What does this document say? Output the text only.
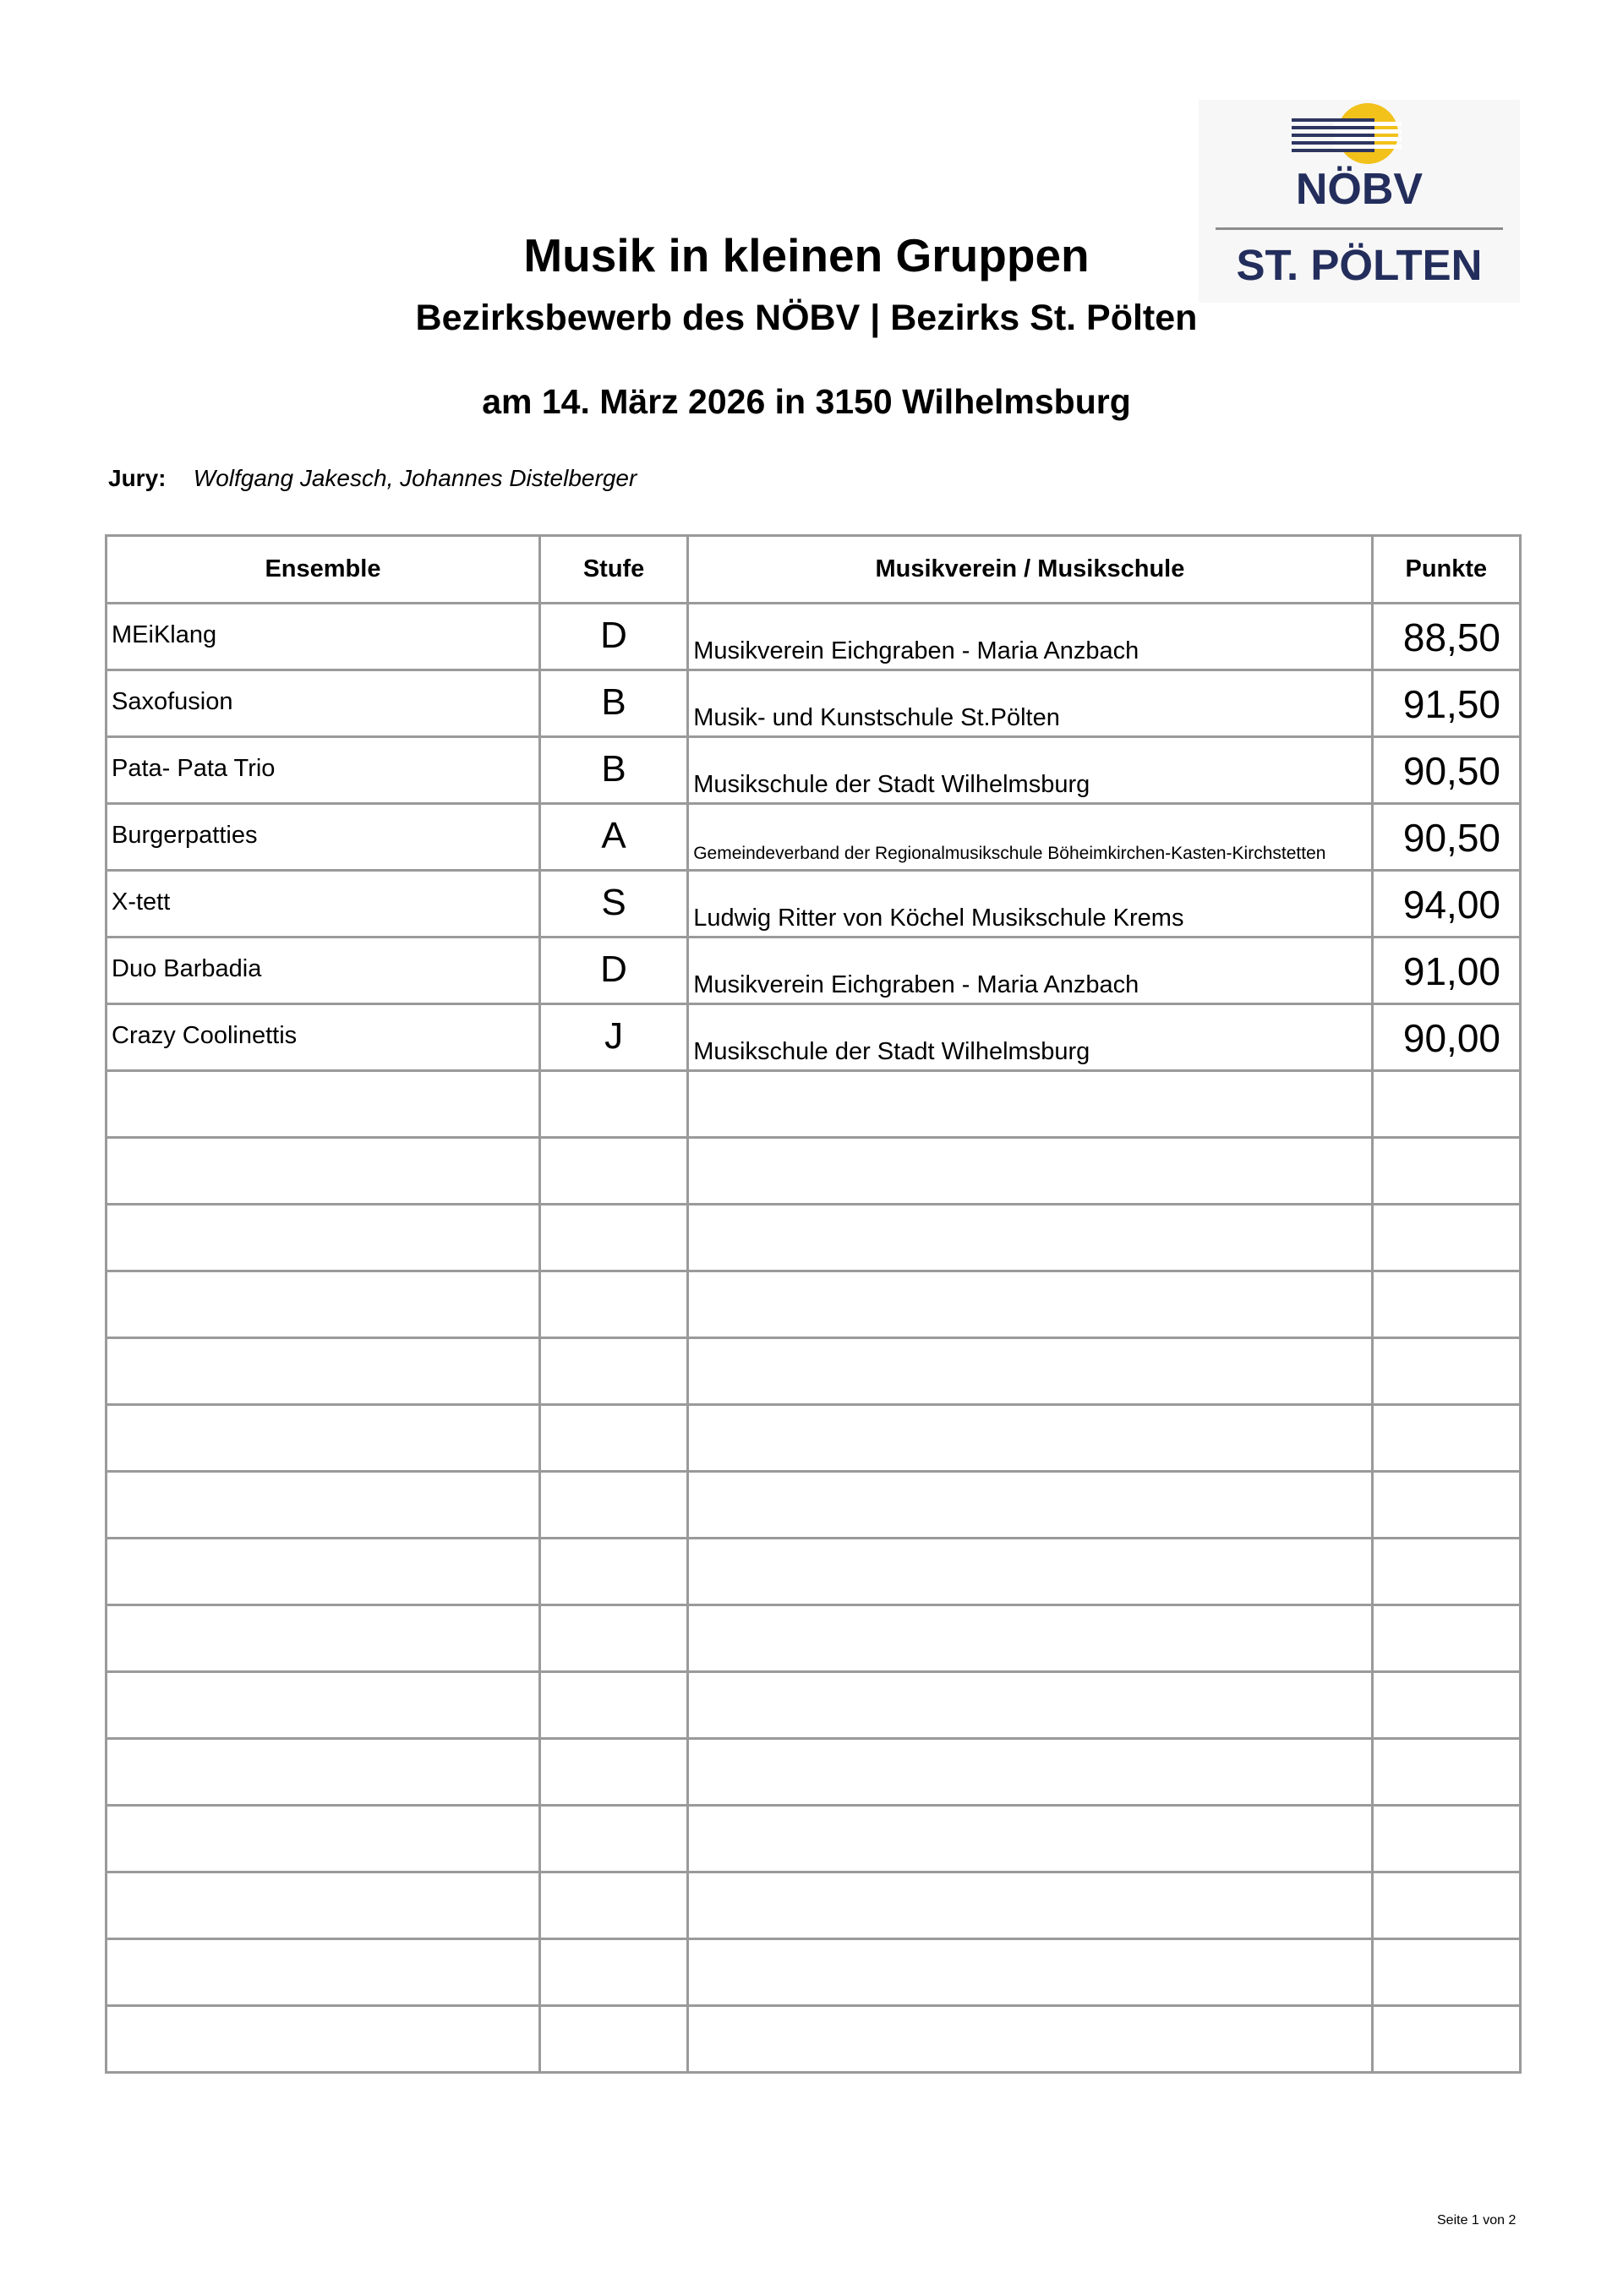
NÖBV
ST. PÖLTEN
Musik in kleinen Gruppen
Bezirksbewerb des NÖBV | Bezirks St. Pölten
am 14. März 2026 in 3150 Wilhelmsburg
Jury: Wolfgang Jakesch, Johannes Distelberger
Ensemble	Stufe	Musikverein / Musikschule	Punkte

MEiKlang	D	Musikverein Eichgraben - Maria Anzbach	88,50

Saxofusion	B	Musik- und Kunstschule St.Pölten	91,50

Pata- Pata Trio	B	Musikschule der Stadt Wilhelmsburg	90,50

Burgerpatties	A	Gemeindeverband der Regionalmusikschule Böheimkirchen-Kasten-Kirchstetten	90,50

X-tett	S	Ludwig Ritter von Köchel Musikschule Krems	94,00

Duo Barbadia	D	Musikverein Eichgraben - Maria Anzbach	91,00

Crazy Coolinettis	J	Musikschule der Stadt Wilhelmsburg	90,00

Seite 1 von 2
